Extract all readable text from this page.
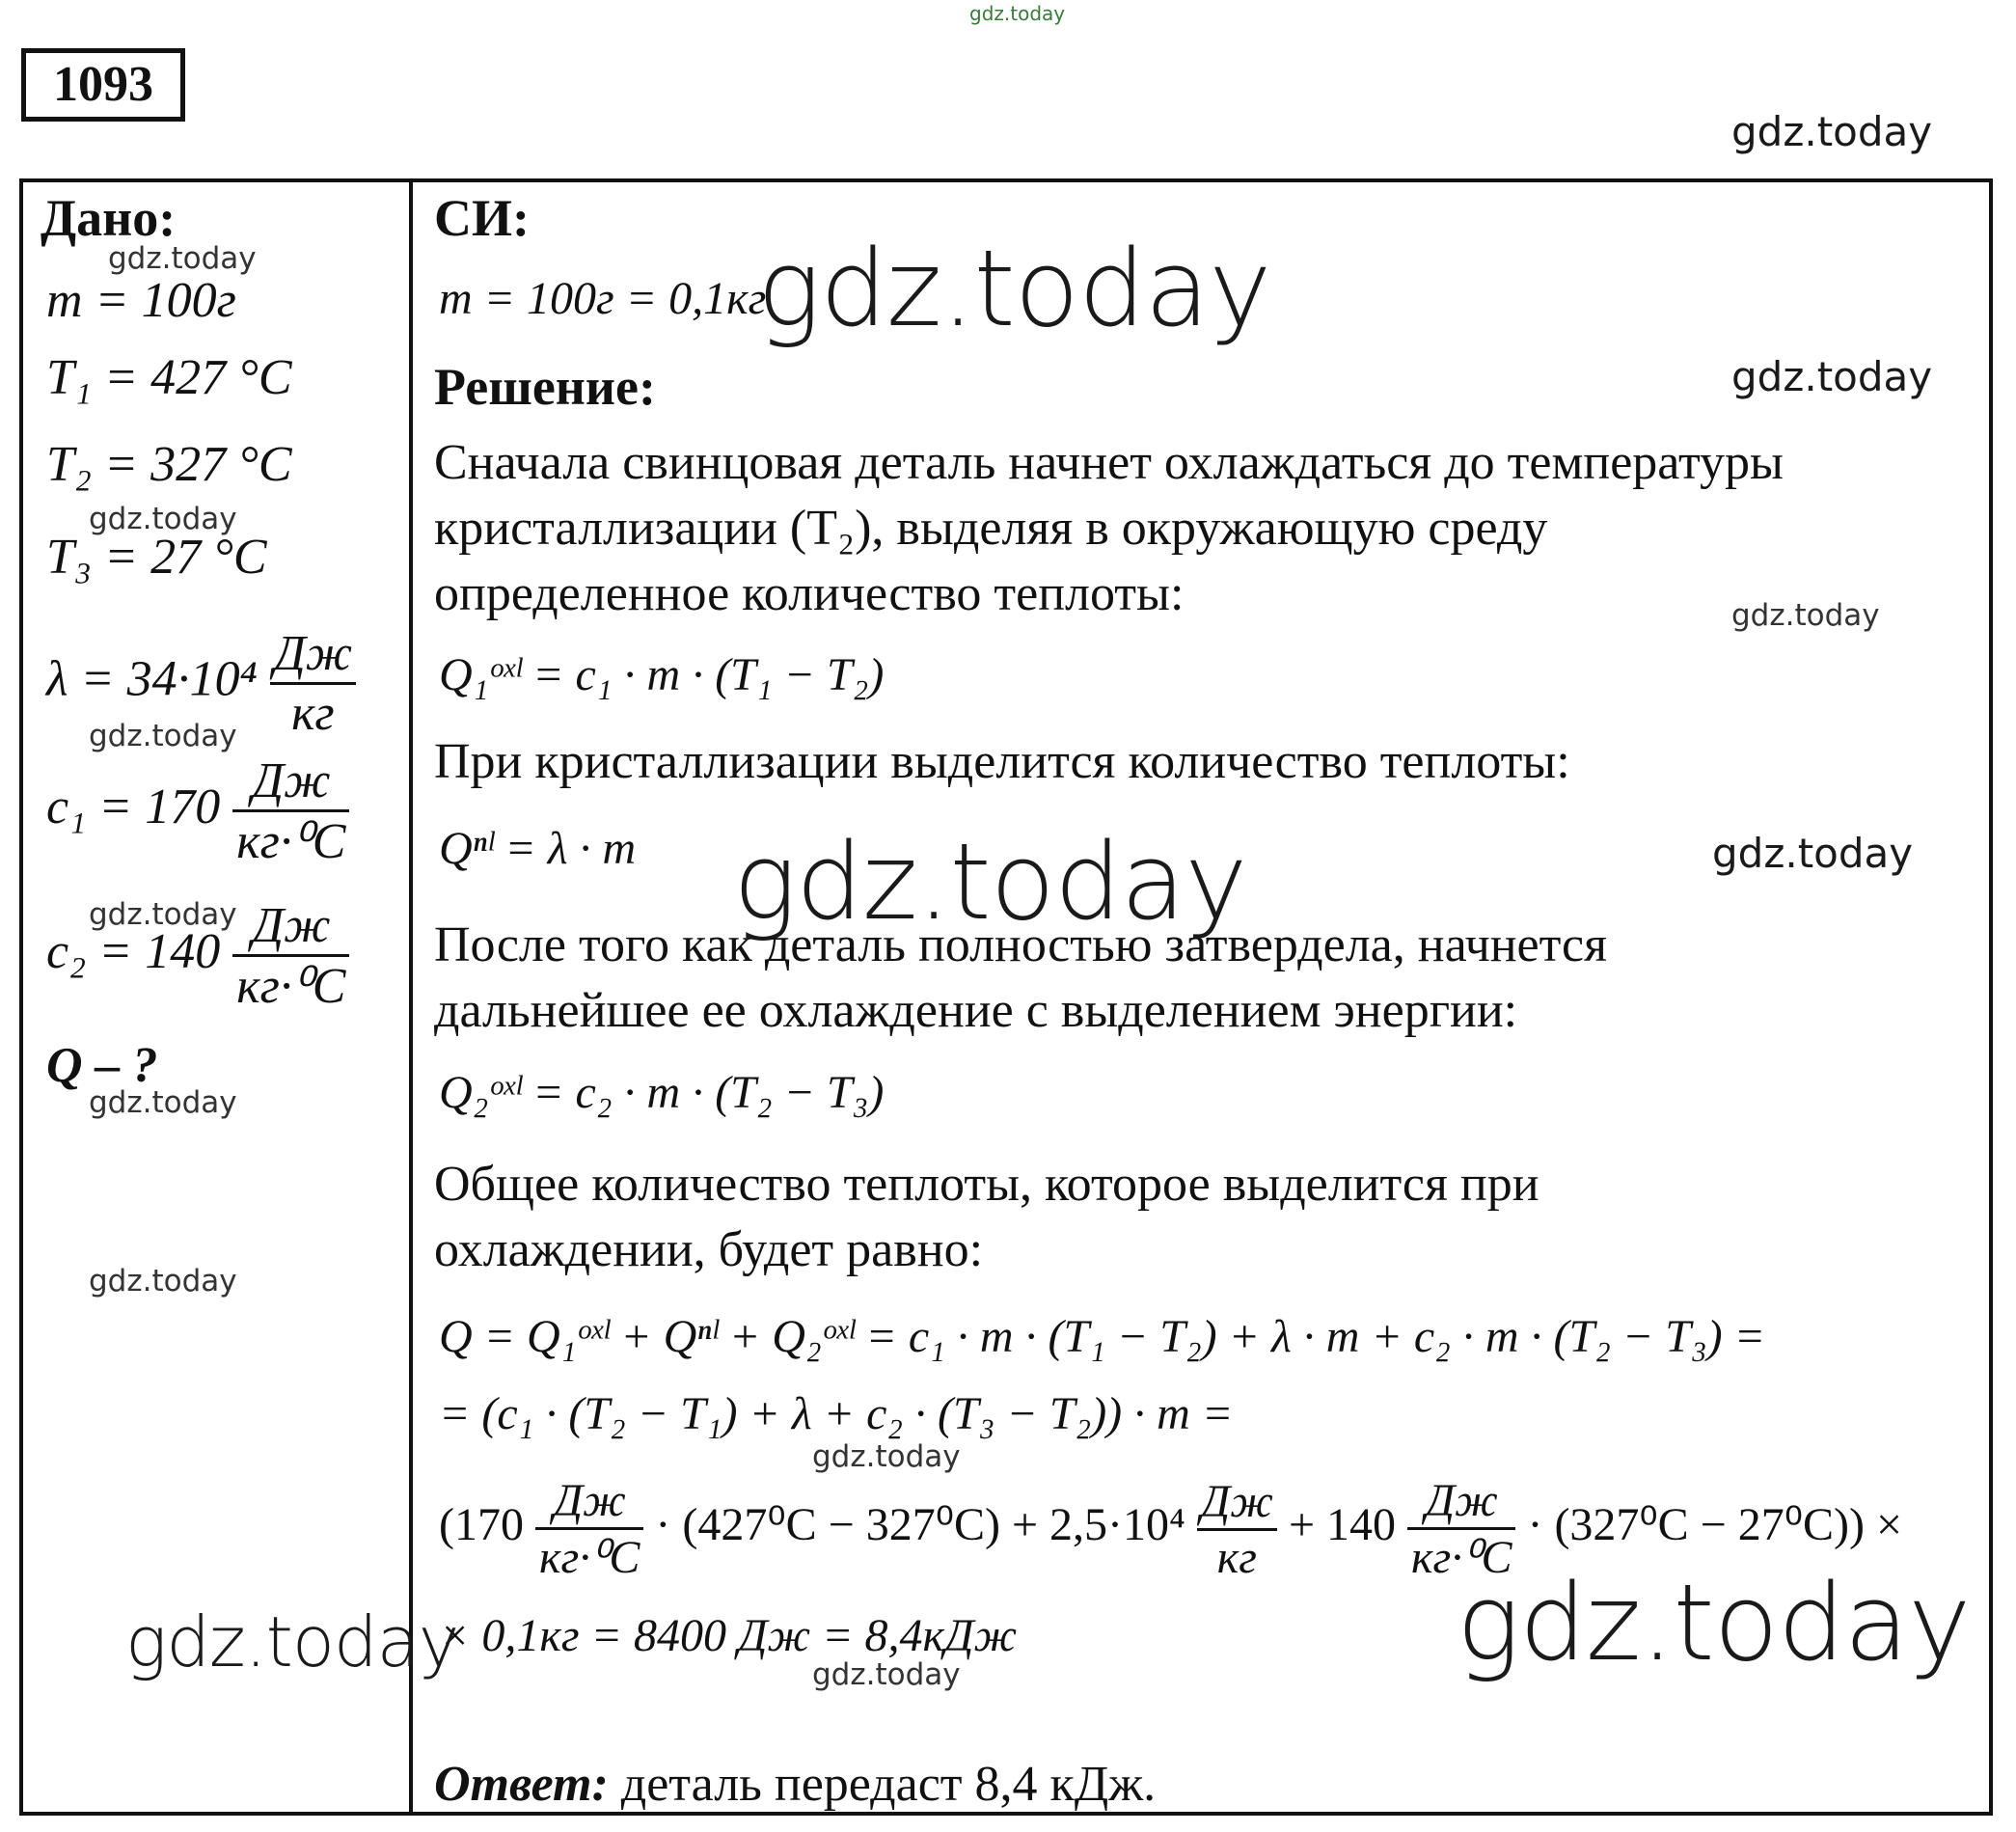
gdz.today
1093
gdz.today
Дано:
gdz.today
m = 100г
T₁ = 427 °C
T₂ = 327 °C
gdz.today
T₃ = 27 °C
$\lambda = 34\cdot 10^4 \frac{Дж}{кг}$
gdz.today
$c_1 = 170 \frac{Дж}{\text{кг·⁰C}}$
gdz.today
$c_2 = 140 \frac{Дж}{\text{кг·⁰C}}$
Q – ?
gdz.today
gdz.today
СИ:
m = 100г = 0,1кг
gdz.today
Решение:	gdz.today
Сначала свинцовая деталь начнет охлаждаться до температуры
кристаллизации (T₂), выделяя в окружающую среду
определенное количество теплоты:	gdz.today
Q₁ᵒˣˡ = c₁ · m · (T₁ − T₂)
При кристаллизации выделится количество теплоты:
Qⁿˡ = λ · m	gdz.today
gdz.today
После того как деталь полностью затвердела, начнется
дальнейшее ее охлаждение с выделением энергии:
Q₂ᵒˣˡ = c₂ · m · (T₂ − T₃)
Общее количество теплоты, которое выделится при
охлаждении, будет равно:
Q = Q₁ᵒˣˡ + Qⁿˡ + Q₂ᵒˣˡ = c₁ · m · (T₁ − T₂) + λ · m + c₂ · m · (T₂ − T₃) =
= (c₁ · (T₂ − T₁) + λ + c₂ · (T₃ − T₂)) · m =
gdz.today
$(170 \frac{Дж}{\text{кг·⁰C}} \cdot (427^0C - 327^0C) + 2,5\cdot 10^4 \frac{Дж}{кг} + 140 \frac{Дж}{\text{кг·⁰C}} \cdot (327^0C - 27^0C))$ ×
× 0,1кг = 8400 Дж = 8,4кДж
gdz.today	gdz.today
gdz.today
Ответ: деталь передаст 8,4 кДж.
